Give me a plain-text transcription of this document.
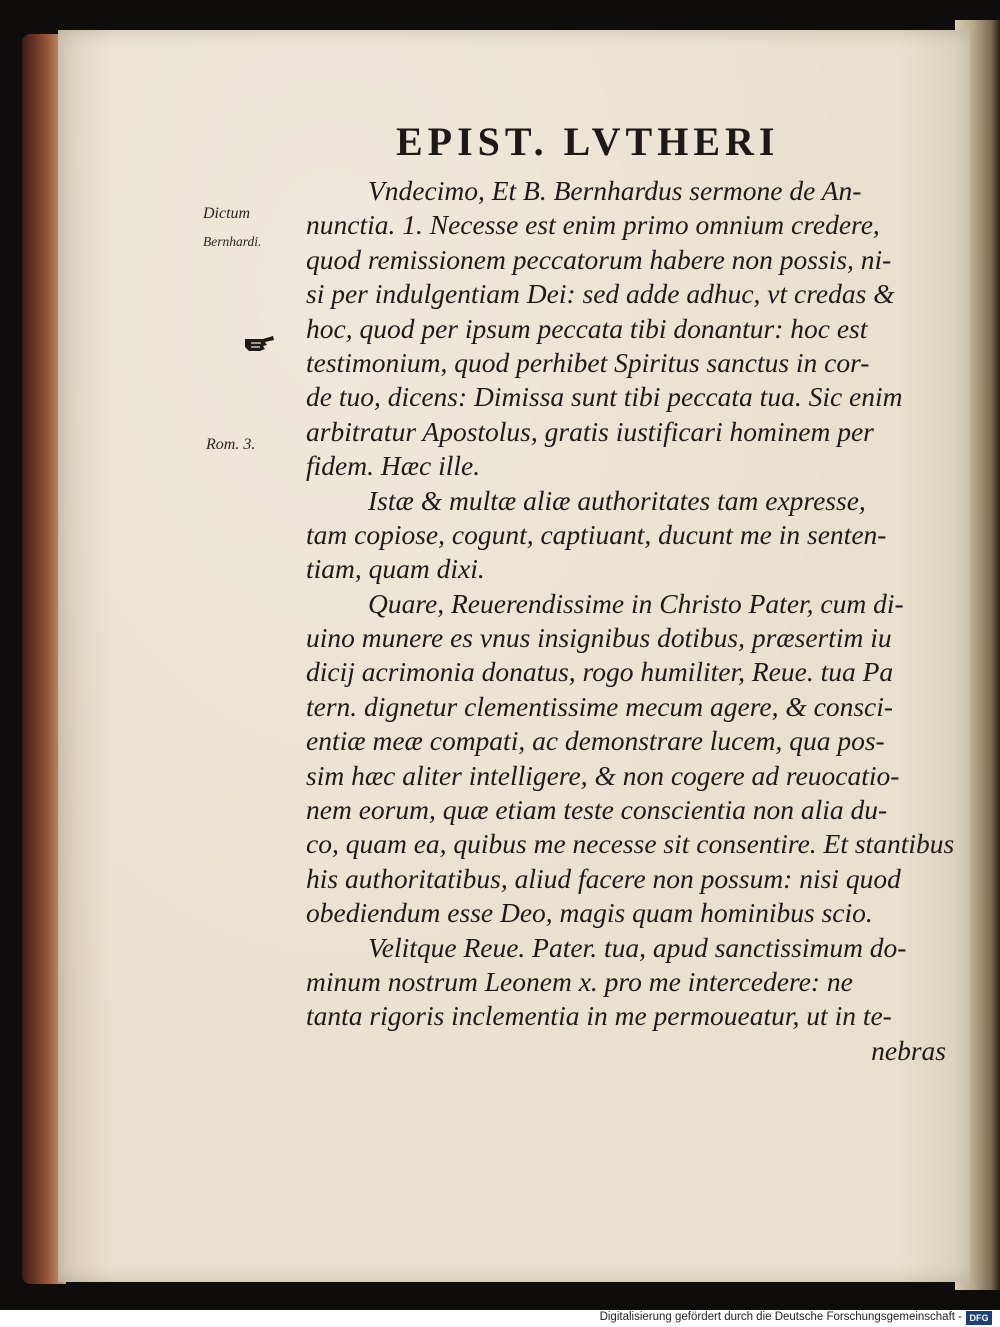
EPIST. LVTHERI
Dictum
Bernhardi.
Rom. 3.
Vndecimo, Et B. Bernhardus sermone de An-
nunctia. 1. Necesse est enim primo omnium credere,
quod remissionem peccatorum habere non possis, ni-
si per indulgentiam Dei: sed adde adhuc, vt credas &
hoc, quod per ipsum peccata tibi donantur: hoc est
testimonium, quod perhibet Spiritus sanctus in cor-
de tuo, dicens: Dimissa sunt tibi peccata tua. Sic enim
arbitratur Apostolus, gratis iustificari hominem per
fidem. Hæc ille.
Istæ & multæ aliæ authoritates tam expresse,
tam copiose, cogunt, captiuant, ducunt me in senten-
tiam, quam dixi.
Quare, Reuerendissime in Christo Pater, cum di-
uino munere es vnus insignibus dotibus, præsertim iu
dicij acrimonia donatus, rogo humiliter, Reue. tua Pa
tern. dignetur clementissime mecum agere, & consci-
entiæ meæ compati, ac demonstrare lucem, qua pos-
sim hæc aliter intelligere, & non cogere ad reuocatio-
nem eorum, quæ etiam teste conscientia non alia du-
co, quam ea, quibus me necesse sit consentire. Et stantibus
his authoritatibus, aliud facere non possum: nisi quod
obediendum esse Deo, magis quam hominibus scio.
Velitque Reue. Pater. tua, apud sanctissimum do-
minum nostrum Leonem x. pro me intercedere: ne
tanta rigoris inclementia in me permoueatur, ut in te-
nebras
Digitalisierung gefördert durch die Deutsche Forschungsgemeinschaft - DFG
